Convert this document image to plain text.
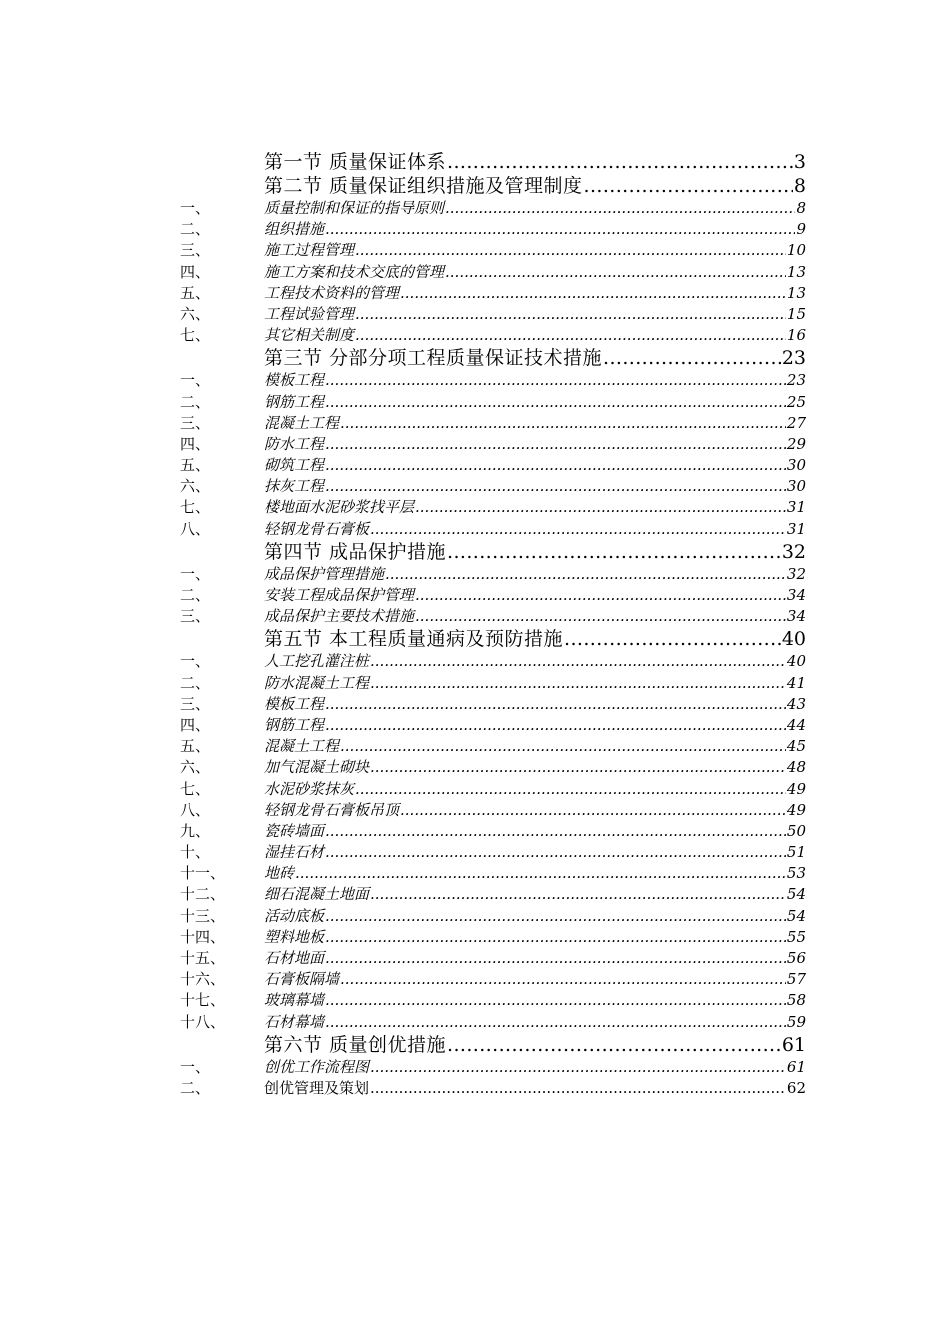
第一节 质量保证体系 .....	3
第二节 质量保证组织措施及管理制度 .....	8
一、	质量控制和保证的指导原则 .....	8
二、	组织措施 .....	9
三、	施工过程管理 .....	10
四、	施工方案和技术交底的管理 .....	13
五、	工程技术资料的管理 .....	13
六、	工程试验管理 .....	15
七、	其它相关制度 .....	16
第三节 分部分项工程质量保证技术措施 .....	23
一、	模板工程 .....	23
二、	钢筋工程 .....	25
三、	混凝土工程 .....	27
四、	防水工程 .....	29
五、	砌筑工程 .....	30
六、	抹灰工程 .....	30
七、	楼地面水泥砂浆找平层 .....	31
八、	轻钢龙骨石膏板 .....	31
第四节 成品保护措施 .....	32
一、	成品保护管理措施 .....	32
二、	安装工程成品保护管理 .....	34
三、	成品保护主要技术措施 .....	34
第五节 本工程质量通病及预防措施 .....	40
一、	人工挖孔灌注桩 .....	40
二、	防水混凝土工程 .....	41
三、	模板工程 .....	43
四、	钢筋工程 .....	44
五、	混凝土工程 .....	45
六、	加气混凝土砌块 .....	48
七、	水泥砂浆抹灰 .....	49
八、	轻钢龙骨石膏板吊顶 .....	49
九、	瓷砖墙面 .....	50
十、	湿挂石材 .....	51
十一、	地砖 .....	53
十二、	细石混凝土地面 .....	54
十三、	活动底板 .....	54
十四、	塑料地板 .....	55
十五、	石材地面 .....	56
十六、	石膏板隔墙 .....	57
十七、	玻璃幕墙 .....	58
十八、	石材幕墙 .....	59
第六节 质量创优措施 .....	61
一、	创优工作流程图 .....	61
二、	创优管理及策划 .....	62
